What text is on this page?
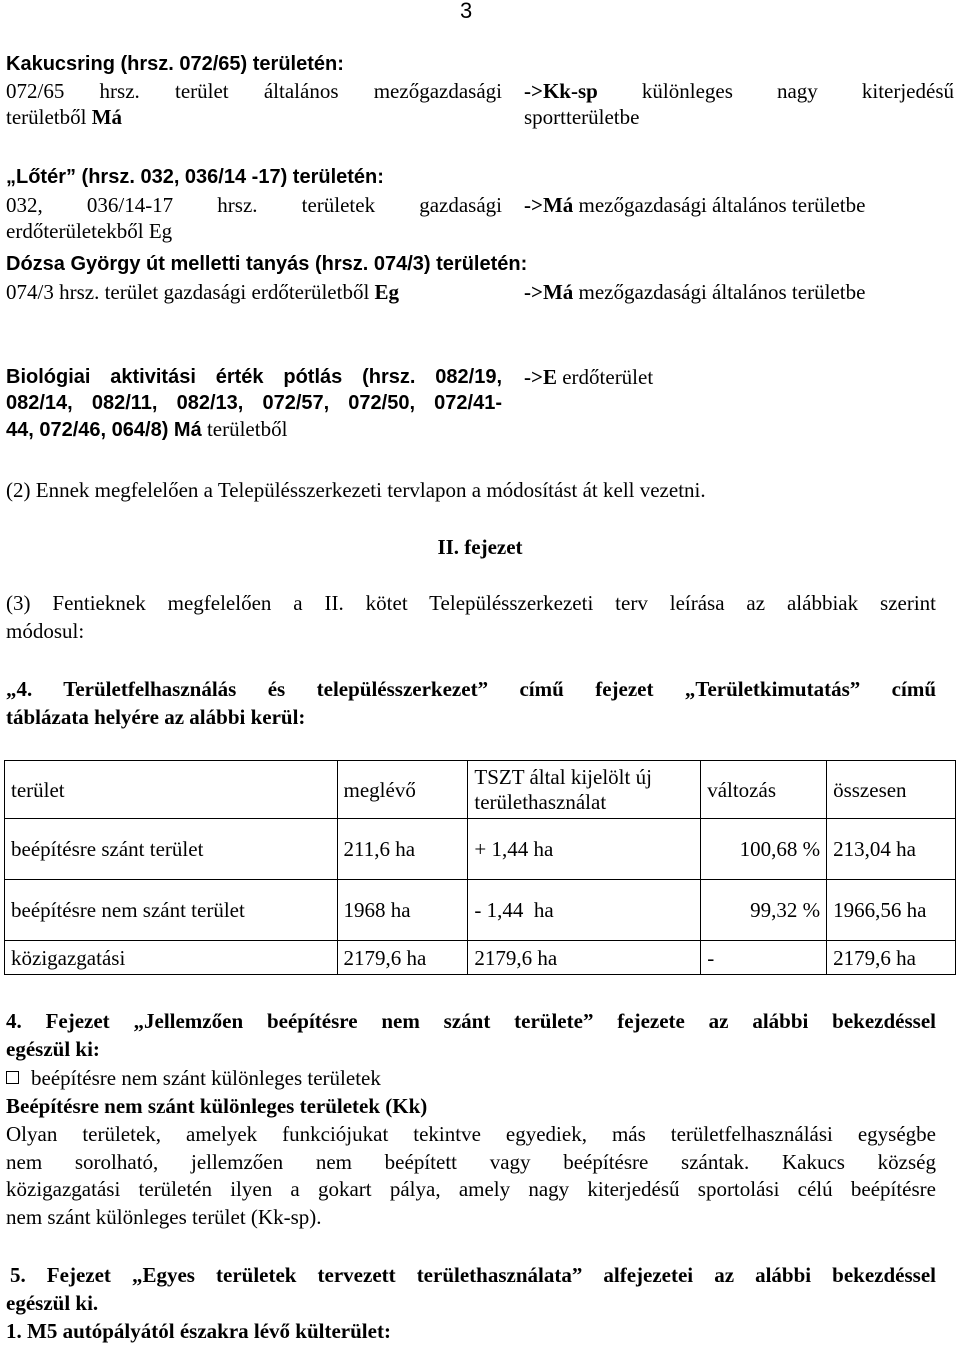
3
Kakucsring (hrsz. 072/65) területén:
072/65 hrsz. terület általános mezőgazdasági
területből Má
->Kk-sp különleges nagy kiterjedésű
sportterületbe
„Lőtér” (hrsz. 032, 036/14 -17) területén:
032, 036/14-17 hrsz. területek gazdasági
erdőterületekből Eg
->Má mezőgazdasági általános területbe
Dózsa György út melletti tanyás (hrsz. 074/3) területén:
074/3 hrsz. terület gazdasági erdőterületből Eg	->Má mezőgazdasági általános területbe
Biológiai aktivitási érték pótlás (hrsz. 082/19,
082/14, 082/11, 082/13, 072/57, 072/50, 072/41-
44, 072/46, 064/8) Má területből
->E erdőterület
(2) Ennek megfelelően a Településszerkezeti tervlapon a módosítást át kell vezetni.
II. fejezet
(3) Fentieknek megfelelően a II. kötet Településszerkezeti terv leírása az alábbiak szerint
módosul:
„4. Területfelhasználás és településszerkezet” című fejezet „Területkimutatás” című
táblázata helyére az alábbi kerül:
terület	meglévő	TSZT által kijelölt új területhasználat	változás	összesen
beépítésre szánt terület	211,6 ha	+ 1,44 ha	100,68 %	213,04 ha
beépítésre nem szánt terület	1968 ha	- 1,44  ha	99,32 %	1966,56 ha
közigazgatási	2179,6 ha	2179,6 ha	-	2179,6 ha
4. Fejezet „Jellemzően beépítésre nem szánt területe” fejezete az alábbi bekezdéssel
egészül ki:
beépítésre nem szánt különleges területek
Beépítésre nem szánt különleges területek (Kk)
Olyan területek, amelyek funkciójukat tekintve egyediek, más területfelhasználási egységbe
nem sorolható, jellemzően nem beépített vagy beépítésre szántak. Kakucs község
közigazgatási területén ilyen a gokart pálya, amely nagy kiterjedésű sportolási célú beépítésre
nem szánt különleges terület (Kk-sp).
5. Fejezet „Egyes területek tervezett területhasználata” alfejezetei az alábbi bekezdéssel
egészül ki.
1. M5 autópályától északra lévő külterület:
